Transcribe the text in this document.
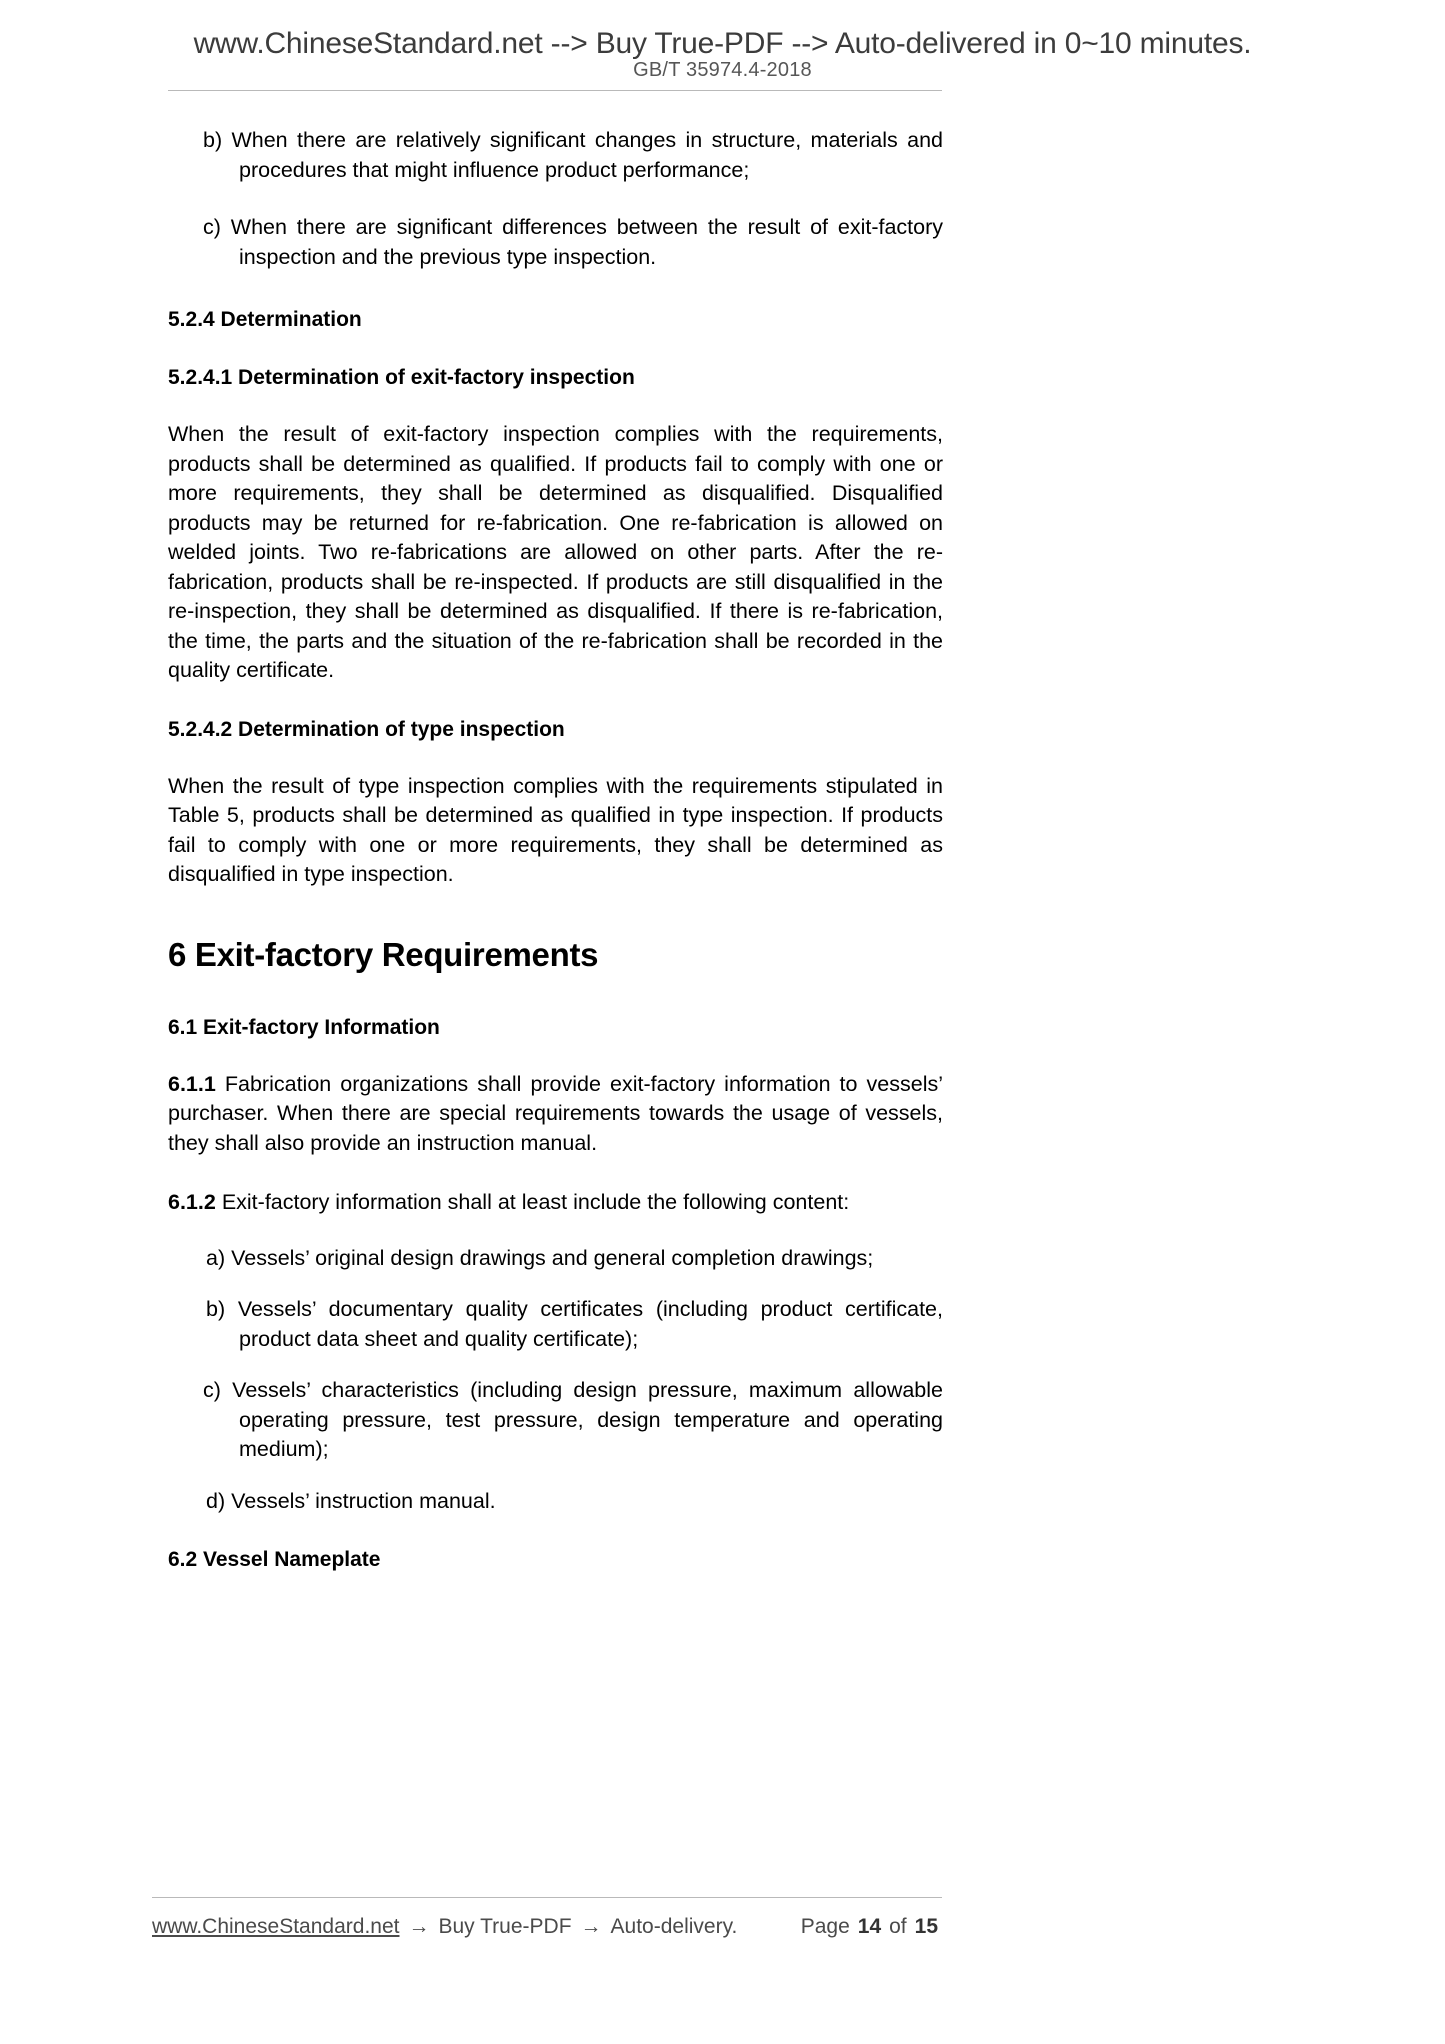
www.ChineseStandard.net --> Buy True-PDF --> Auto-delivered in 0~10 minutes.
GB/T 35974.4-2018
b) When there are relatively significant changes in structure, materials and procedures that might influence product performance;
c) When there are significant differences between the result of exit-factory inspection and the previous type inspection.
5.2.4 Determination
5.2.4.1 Determination of exit-factory inspection
When the result of exit-factory inspection complies with the requirements, products shall be determined as qualified. If products fail to comply with one or more requirements, they shall be determined as disqualified. Disqualified products may be returned for re-fabrication. One re-fabrication is allowed on welded joints. Two re-fabrications are allowed on other parts. After the re-fabrication, products shall be re-inspected. If products are still disqualified in the re-inspection, they shall be determined as disqualified. If there is re-fabrication, the time, the parts and the situation of the re-fabrication shall be recorded in the quality certificate.
5.2.4.2 Determination of type inspection
When the result of type inspection complies with the requirements stipulated in Table 5, products shall be determined as qualified in type inspection. If products fail to comply with one or more requirements, they shall be determined as disqualified in type inspection.
6 Exit-factory Requirements
6.1 Exit-factory Information
6.1.1 Fabrication organizations shall provide exit-factory information to vessels’ purchaser. When there are special requirements towards the usage of vessels, they shall also provide an instruction manual.
6.1.2 Exit-factory information shall at least include the following content:
a) Vessels’ original design drawings and general completion drawings;
b) Vessels’ documentary quality certificates (including product certificate, product data sheet and quality certificate);
c) Vessels’ characteristics (including design pressure, maximum allowable operating pressure, test pressure, design temperature and operating medium);
d) Vessels’ instruction manual.
6.2 Vessel Nameplate
www.ChineseStandard.net → Buy True-PDF → Auto-delivery.	Page 14 of 15
